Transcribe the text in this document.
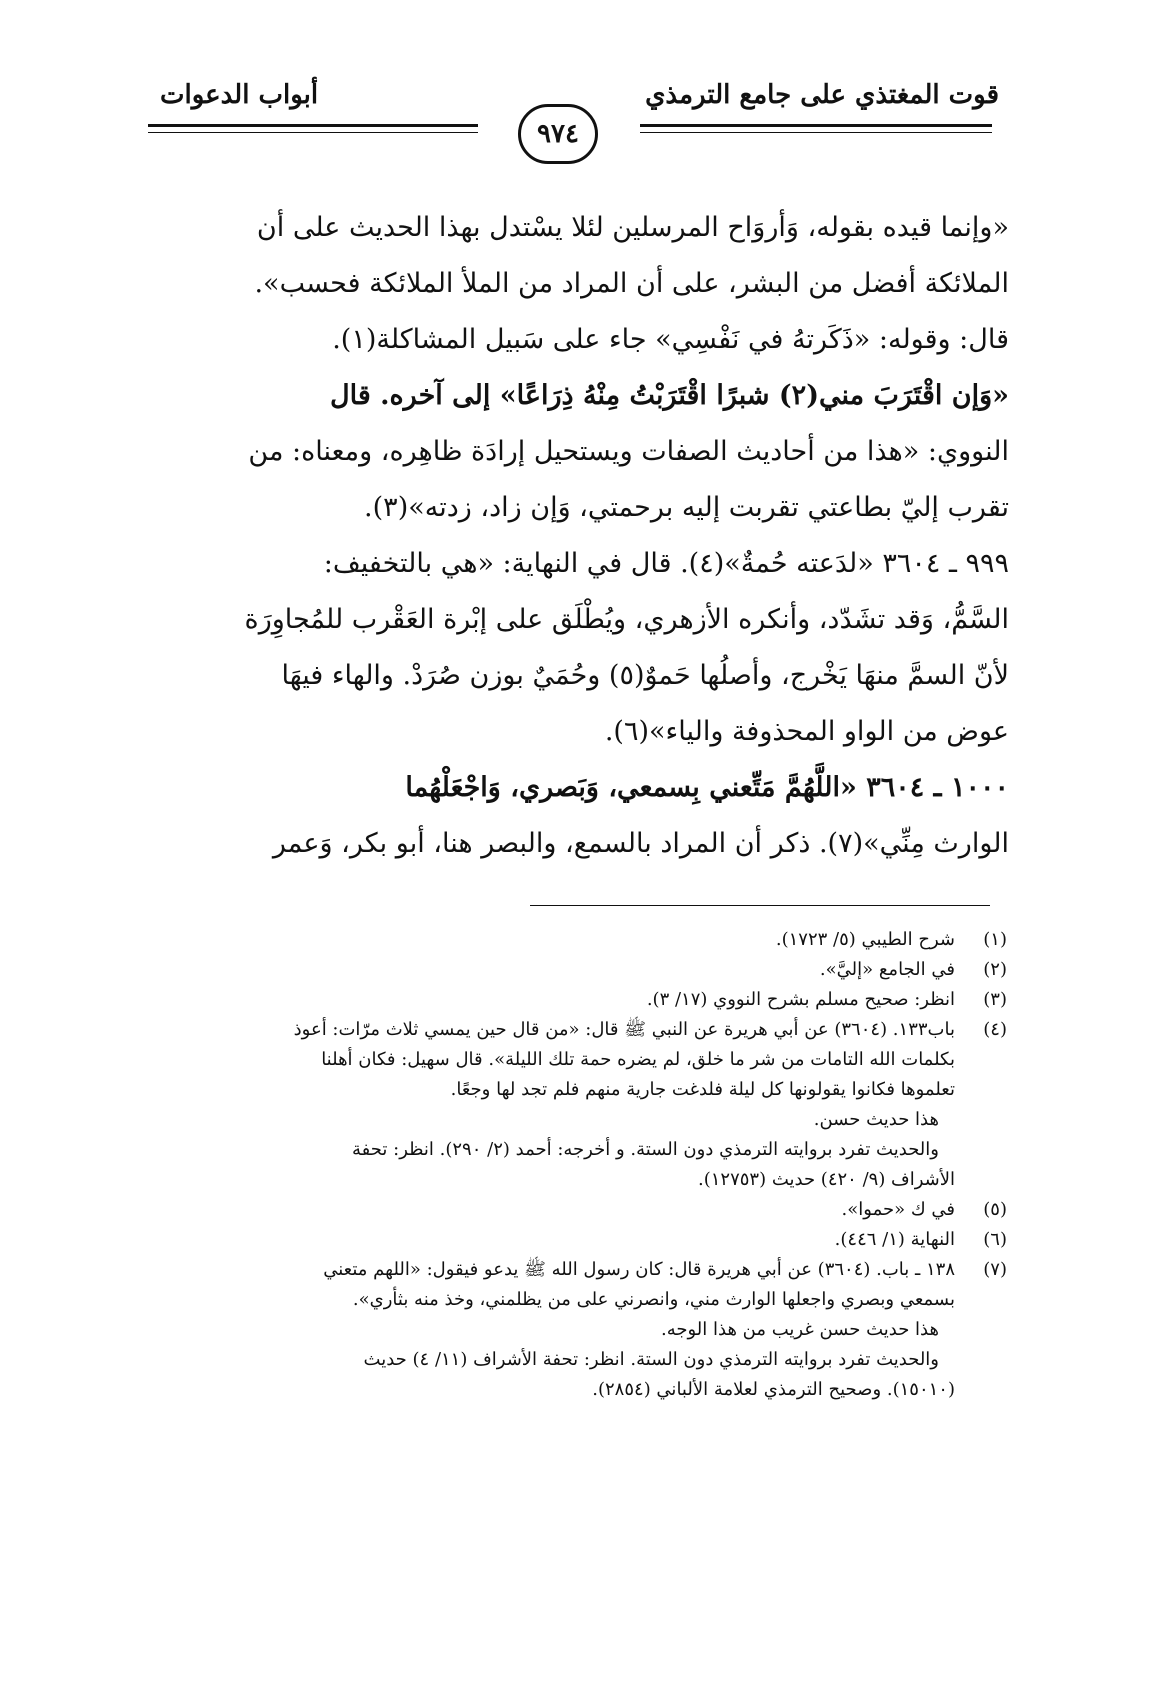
قوت المغتذي على جامع الترمذي
أبواب الدعوات
٩٧٤
«وإنما قيده بقوله، وَأروَاح المرسلين لئلا يسْتدل بهذا الحديث على أن
الملائكة أفضل من البشر، على أن المراد من الملأ الملائكة فحسب».
قال: وقوله: «ذَكَرتهُ في نَفْسِي» جاء على سَبيل المشاكلة(١).
«وَإن اقْتَرَبَ مني(٢) شبرًا اقْتَرَبْتُ مِنْهُ ذِرَاعًا» إلى آخره. قال
النووي: «هذا من أحاديث الصفات ويستحيل إرادَة ظاهِره، ومعناه: من
تقرب إليّ بطاعتي تقربت إليه برحمتي، وَإن زاد، زدته»(٣).
٩٩٩ ـ ٣٦٠٤ «لدَعته حُمةٌ»(٤). قال في النهاية: «هي بالتخفيف:
السَّمُّ، وَقد تشَدّد، وأنكره الأزهري، ويُطْلَق على إبْرة العَقْرب للمُجاوِرَة
لأنّ السمَّ منهَا يَخْرج، وأصلُها حَموٌ(٥) وحُمَيٌ بوزن صُرَدْ. والهاء فيهَا
عوض من الواو المحذوفة والياء»(٦).
١٠٠٠ ـ ٣٦٠٤ «اللَّهُمَّ مَتِّعني بِسمعي، وَبَصري، وَاجْعَلْهُما
الوارث مِنِّي»(٧). ذكر أن المراد بالسمع، والبصر هنا، أبو بكر، وَعمر
(١)
شرح الطيبي (٥/ ١٧٢٣).
(٢)
في الجامع «إليَّ».
(٣)
انظر: صحيح مسلم بشرح النووي (١٧/ ٣).
(٤)
باب١٣٣. (٣٦٠٤) عن أبي هريرة عن النبي ﷺ قال: «من قال حين يمسي ثلاث مرّات: أعوذ
بكلمات الله التامات من شر ما خلق، لم يضره حمة تلك الليلة». قال سهيل: فكان أهلنا
تعلموها فكانوا يقولونها كل ليلة فلدغت جارية منهم فلم تجد لها وجعًا.
هذا حديث حسن.
والحديث تفرد بروايته الترمذي دون الستة. و أخرجه: أحمد (٢/ ٢٩٠). انظر: تحفة
الأشراف (٩/ ٤٢٠) حديث (١٢٧٥٣).
(٥)
في ك «حموا».
(٦)
النهاية (١/ ٤٤٦).
(٧)
١٣٨ ـ باب. (٣٦٠٤) عن أبي هريرة قال: كان رسول الله ﷺ يدعو فيقول: «اللهم متعني
بسمعي وبصري واجعلها الوارث مني، وانصرني على من يظلمني، وخذ منه بثأري».
هذا حديث حسن غريب من هذا الوجه.
والحديث تفرد بروايته الترمذي دون الستة. انظر: تحفة الأشراف (١١/ ٤) حديث
(١٥٠١٠). وصحيح الترمذي لعلامة الألباني (٢٨٥٤).
